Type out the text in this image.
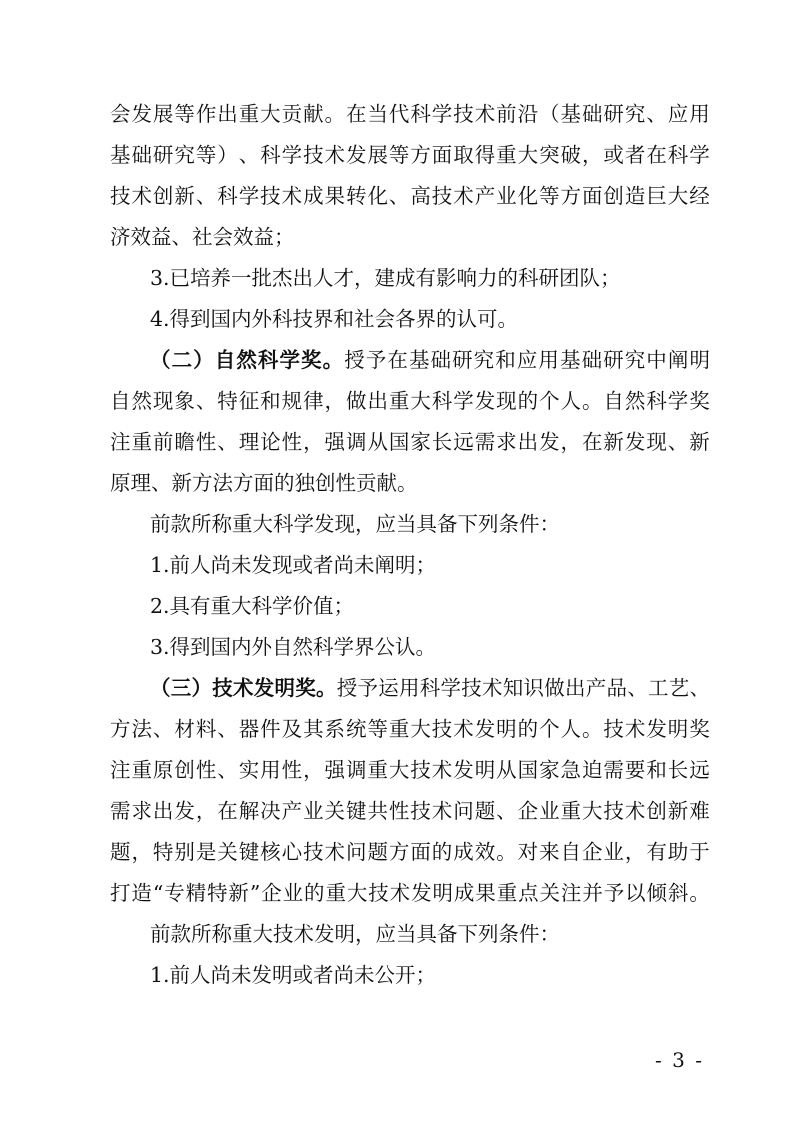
会 发 展 等 作 出 重 大 贡 献 。 在 当 代 科 学 技 术 前 沿 （ 基 础 研 究 、 应 用
基 础 研 究 等 ） 、 科 学 技 术 发 展 等 方 面 取 得 重 大 突 破 ， 或 者 在 科 学
技 术 创 新 、 科 学 技 术 成 果 转 化 、 高 技 术 产 业 化 等 方 面 创 造 巨 大 经
济效益、社会效益；
3.已培养一批杰出人才，建成有影响力的科研团队；
4.得到国内外科技界和社会各界的认可。
（ 二 ） 自 然 科 学 奖 。 授 予 在 基 础 研 究 和 应 用 基 础 研 究 中 阐 明
自 然 现 象 、 特 征 和 规 律 ， 做 出 重 大 科 学 发 现 的 个 人 。 自 然 科 学 奖
注 重 前 瞻 性 、 理 论 性 ， 强 调 从 国 家 长 远 需 求 出 发 ， 在 新 发 现 、 新
原理、新方法方面的独创性贡献。
前款所称重大科学发现，应当具备下列条件：
1.前人尚未发现或者尚未阐明；
2.具有重大科学价值；
3.得到国内外自然科学界公认。
（ 三 ） 技 术 发 明 奖 。 授 予 运 用 科 学 技 术 知 识 做 出 产 品 、 工 艺 、
方 法 、 材 料 、 器 件 及 其 系 统 等 重 大 技 术 发 明 的 个 人 。 技 术 发 明 奖
注 重 原 创 性 、 实 用 性 ， 强 调 重 大 技 术 发 明 从 国 家 急 迫 需 要 和 长 远
需 求 出 发 ， 在 解 决 产 业 关 键 共 性 技 术 问 题 、 企 业 重 大 技 术 创 新 难
题 ， 特 别 是 关 键 核 心 技 术 问 题 方 面 的 成 效 。 对 来 自 企 业 ， 有 助 于
打 造 “ 专 精 特 新 ” 企 业 的 重 大 技 术 发 明 成 果 重 点 关 注 并 予 以 倾 斜 。
前款所称重大技术发明，应当具备下列条件：
1.前人尚未发明或者尚未公开；
- 3 -
